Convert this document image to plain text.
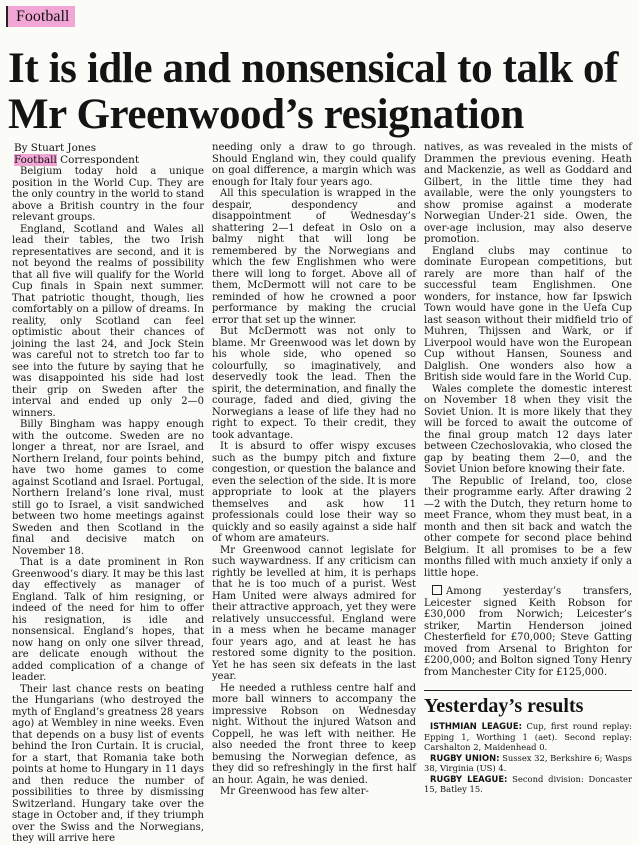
Football
It is idle and nonsensical to talk of Mr Greenwood’s resignation
By Stuart Jones
Football Correspondent

Belgium today hold a unique position in the World Cup. They are the only country in the world to stand above a British country in the four relevant groups.

England, Scotland and Wales all lead their tables, the two Irish representatives are second, and it is not beyond the realms of possibility that all five will qualify for the World Cup finals in Spain next summer. That patriotic thought, though, lies comfortably on a pillow of dreams. In reality, only Scotland can feel optimistic about their chances of joining the last 24, and Jock Stein was careful not to stretch too far to see into the future by saying that he was disappointed his side had lost their grip on Sweden after the interval and ended up only 2—0 winners.

Billy Bingham was happy enough with the outcome. Sweden are no longer a threat, nor are Israel, and Northern Ireland, four points behind, have two home games to come against Scotland and Israel. Portugal, Northern Ireland’s lone rival, must still go to Israel, a visit sandwiched between two home meetings against Sweden and then Scotland in the final and decisive match on November 18.

That is a date prominent in Ron Greenwood’s diary. It may be this last day effectively as manager of England. Talk of him resigning, or indeed of the need for him to offer his resignation, is idle and nonsensical. England’s hopes, that now hang on only one silver thread, are delicate enough without the added complication of a change of leader.

Their last chance rests on beating the Hungarians (who destroyed the myth of England’s greatness 28 years ago) at Wembley in nine weeks. Even that depends on a busy list of events behind the Iron Curtain. It is crucial, for a start, that Romania take both points at home to Hungary in 11 days and then reduce the number of possibilities to three by dismissing Switzerland. Hungary take over the stage in October and, if they triumph over the Swiss and the Norwegians, they will arrive here

needing only a draw to go through. Should England win, they could qualify on goal difference, a margin which was enough for Italy four years ago.

All this speculation is wrapped in the despair, despondency and disappointment of Wednesday’s shattering 2—1 defeat in Oslo on a balmy night that will long be remembered by the Norwegians and which the few Englishmen who were there will long to forget. Above all of them, McDermott will not care to be reminded of how he crowned a poor performance by making the crucial error that set up the winner.

But McDermott was not only to blame. Mr Greenwood was let down by his whole side, who opened so colourfully, so imaginatively, and deservedly took the lead. Then the spirit, the determination, and finally the courage, faded and died, giving the Norwegians a lease of life they had no right to expect. To their credit, they took advantage.

It is absurd to offer wispy excuses such as the bumpy pitch and fixture congestion, or question the balance and even the selection of the side. It is more appropriate to look at the players themselves and ask how 11 professionals could lose their way so quickly and so easily against a side half of whom are amateurs.

Mr Greenwood cannot legislate for such waywardness. If any criticism can rightly be levelled at him, it is perhaps that he is too much of a purist. West Ham United were always admired for their attractive approach, yet they were relatively unsuccessful. England were in a mess when he became manager four years ago, and at least he has restored some dignity to the position. Yet he has seen six defeats in the last year.

He needed a ruthless centre half and more ball winners to accompany the impressive Robson on Wednesday night. Without the injured Watson and Coppell, he was left with neither. He also needed the front three to keep bemusing the Norwegian defence, as they did so refreshingly in the first half an hour. Again, he was denied.

Mr Greenwood has few alter-

natives, as was revealed in the mists of Drammen the previous evening. Heath and Mackenzie, as well as Goddard and Gilbert, in the little time they had available, were the only youngsters to show promise against a moderate Norwegian Under-21 side. Owen, the over-age inclusion, may also deserve promotion.

England clubs may continue to dominate European competitions, but rarely are more than half of the successful team Englishmen. One wonders, for instance, how far Ipswich Town would have gone in the Uefa Cup last season without their midfield trio of Muhren, Thijssen and Wark, or if Liverpool would have won the European Cup without Hansen, Souness and Dalglish. One wonders also how a British side would fare in the World Cup.

Wales complete the domestic interest on November 18 when they visit the Soviet Union. It is more likely that they will be forced to await the outcome of the final group match 12 days later between Czechoslovakia, who closed the gap by beating them 2—0, and the Soviet Union before knowing their fate.

The Republic of Ireland, too, close their programme early. After drawing 2—2 with the Dutch, they return home to meet France, whom they must beat, in a month and then sit back and watch the other compete for second place behind Belgium. It all promises to be a few months filled with much anxiety if only a little hope.

Among yesterday’s transfers, Leicester signed Keith Robson for £30,000 from Norwich; Leicester’s striker, Martin Henderson joined Chesterfield for £70,000; Steve Gatting moved from Arsenal to Brighton for £200,000; and Bolton signed Tony Henry from Manchester City for £125,000.

Yesterday’s results

ISTHMIAN LEAGUE: Cup, first round replay: Epping 1, Worthing 1 (aet). Second replay: Carshalton 2, Maidenhead 0.

RUGBY UNION: Sussex 32, Berkshire 6; Wasps 38, Virginia (US) 4.

RUGBY LEAGUE: Second division: Doncaster 15, Batley 15.
